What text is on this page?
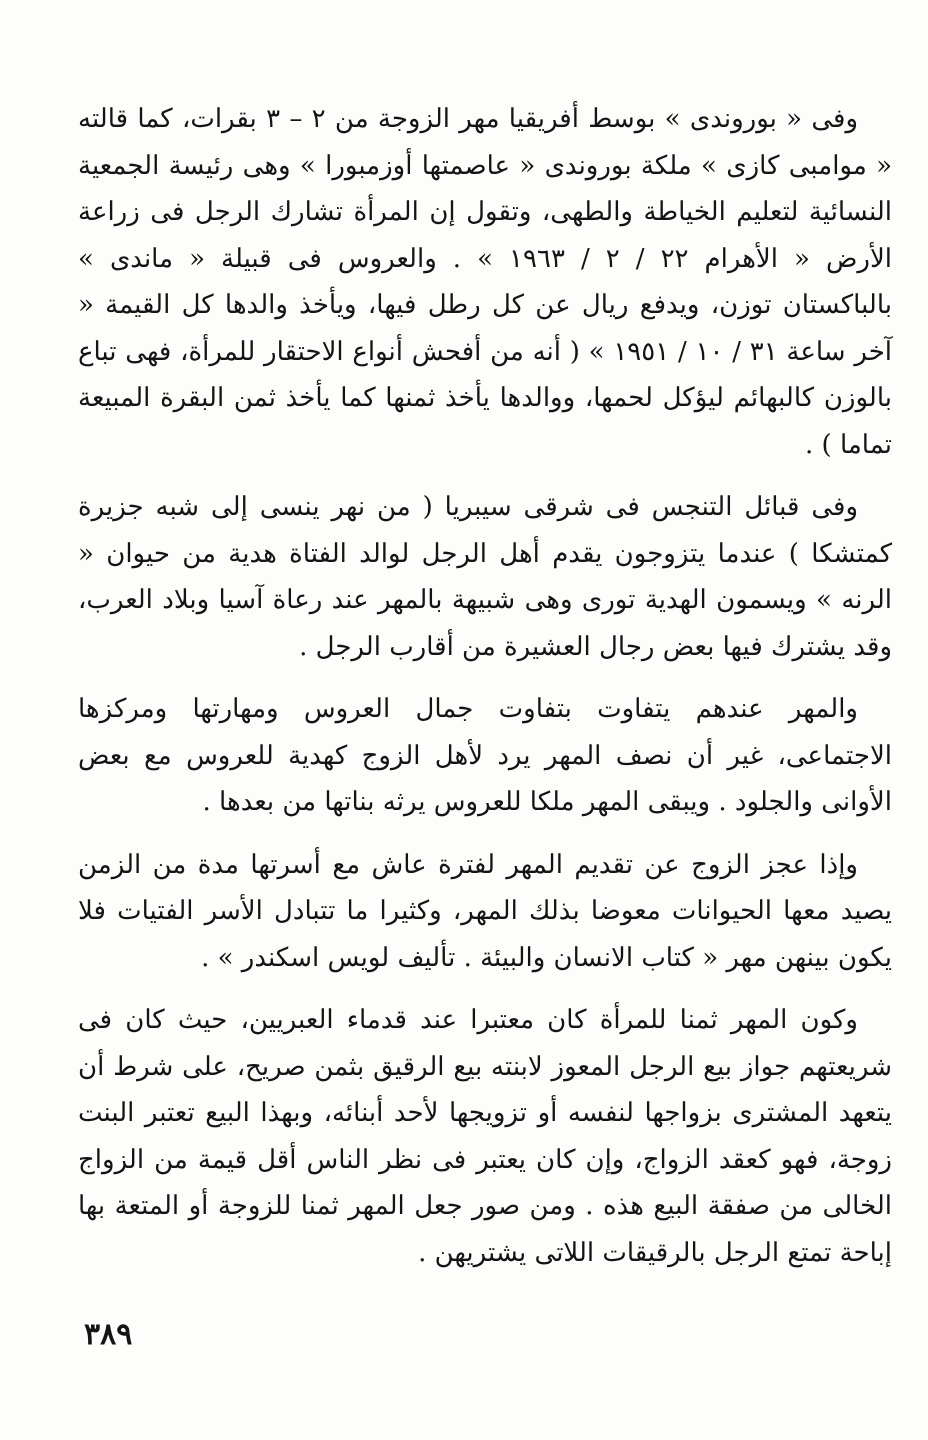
وفى « بوروندى » بوسط أفريقيا مهر الزوجة من ٢ – ٣ بقرات، كما قالته « موامبى كازى » ملكة بوروندى « عاصمتها أوزمبورا » وهى رئيسة الجمعية النسائية لتعليم الخياطة والطهى، وتقول إن المرأة تشارك الرجل فى زراعة الأرض « الأهرام ٢٢ / ٢ / ١٩٦٣ » . والعروس فى قبيلة « ماندى » بالباكستان توزن، ويدفع ريال عن كل رطل فيها، ويأخذ والدها كل القيمة « آخر ساعة ٣١ / ١٠ / ١٩٥١ » ( أنه من أفحش أنواع الاحتقار للمرأة، فهى تباع بالوزن كالبهائم ليؤكل لحمها، ووالدها يأخذ ثمنها كما يأخذ ثمن البقرة المبيعة تماما ) .

وفى قبائل التنجس فى شرقى سيبريا ( من نهر ينسى إلى شبه جزيرة كمتشكا ) عندما يتزوجون يقدم أهل الرجل لوالد الفتاة هدية من حيوان « الرنه » ويسمون الهدية تورى وهى شبيهة بالمهر عند رعاة آسيا وبلاد العرب، وقد يشترك فيها بعض رجال العشيرة من أقارب الرجل .

والمهر عندهم يتفاوت بتفاوت جمال العروس ومهارتها ومركزها الاجتماعى، غير أن نصف المهر يرد لأهل الزوج كهدية للعروس مع بعض الأوانى والجلود . ويبقى المهر ملكا للعروس يرثه بناتها من بعدها .

وإذا عجز الزوج عن تقديم المهر لفترة عاش مع أسرتها مدة من الزمن يصيد معها الحيوانات معوضا بذلك المهر، وكثيرا ما تتبادل الأسر الفتيات فلا يكون بينهن مهر « كتاب الانسان والبيئة . تأليف لويس اسكندر » .

وكون المهر ثمنا للمرأة كان معتبرا عند قدماء العبريين، حيث كان فى شريعتهم جواز بيع الرجل المعوز لابنته بيع الرقيق بثمن صريح، على شرط أن يتعهد المشترى بزواجها لنفسه أو تزويجها لأحد أبنائه، وبهذا البيع تعتبر البنت زوجة، فهو كعقد الزواج، وإن كان يعتبر فى نظر الناس أقل قيمة من الزواج الخالى من صفقة البيع هذه . ومن صور جعل المهر ثمنا للزوجة أو المتعة بها إباحة تمتع الرجل بالرقيقات اللاتى يشتريهن .

٣٨٩
